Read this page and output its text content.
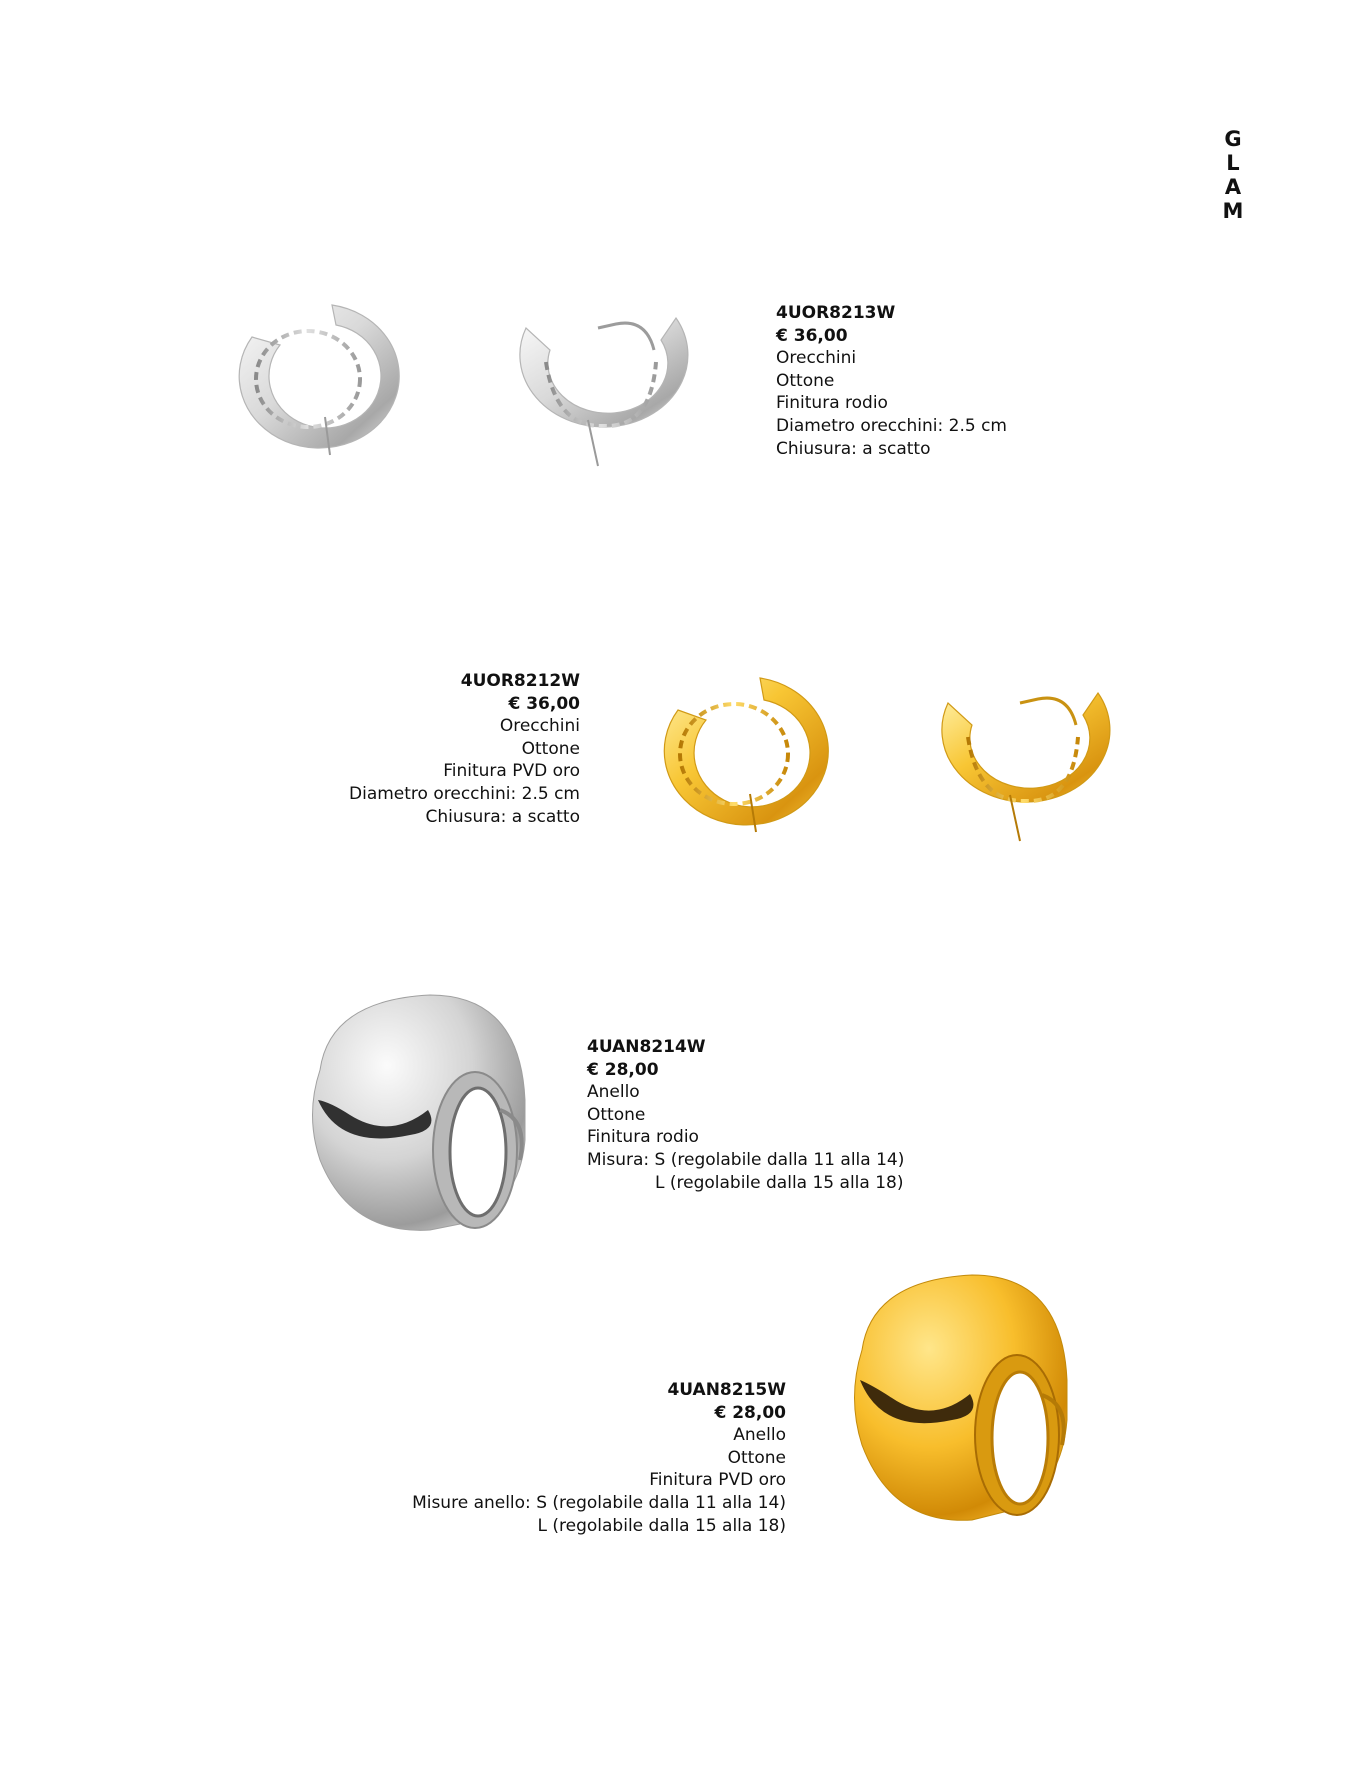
G
L
A
M
4UOR8213W
€ 36,00
Orecchini
Ottone
Finitura rodio
Diametro orecchini: 2.5 cm
Chiusura: a scatto
4UOR8212W
€ 36,00
Orecchini
Ottone
Finitura PVD oro
Diametro orecchini: 2.5 cm
Chiusura: a scatto
4UAN8214W
€ 28,00
Anello
Ottone
Finitura rodio
Misura: S (regolabile dalla 11 alla 14)
L (regolabile dalla 15 alla 18)
4UAN8215W
€ 28,00
Anello
Ottone
Finitura PVD oro
Misure anello: S (regolabile dalla 11 alla 14)
L (regolabile dalla 15 alla 18)
